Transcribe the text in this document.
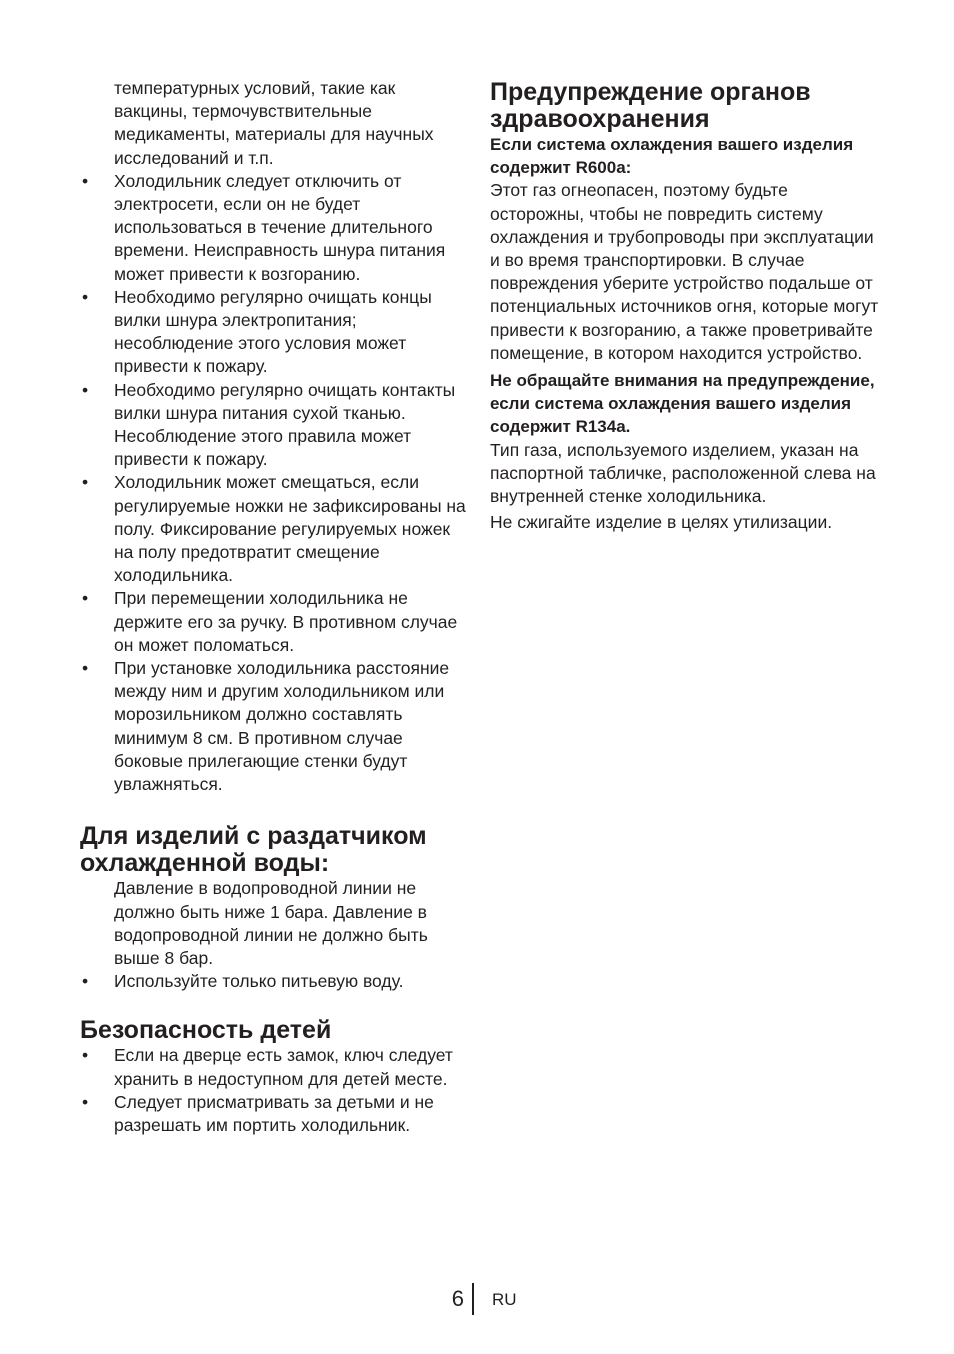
температурных условий, такие как вакцины, термочувствительные медикаменты, материалы для научных исследований и т.п.

• Холодильник следует отключить от электросети, если он не будет использоваться в течение длительного времени. Неисправность шнура питания может привести к возгоранию.
• Необходимо регулярно очищать концы вилки шнура электропитания; несоблюдение этого условия может привести к пожару.
• Необходимо регулярно очищать контакты вилки шнура питания сухой тканью. Несоблюдение этого правила может привести к пожару.
• Холодильник может смещаться, если регулируемые ножки не зафиксированы на полу. Фиксирование регулируемых ножек на полу предотвратит смещение холодильника.
• При перемещении холодильника не держите его за ручку. В противном случае он может поломаться.
• При установке холодильника расстояние между ним и другим холодильником или морозильником должно составлять минимум 8 см. В противном случае боковые прилегающие стенки будут увлажняться.
Для изделий с раздатчиком охлажденной воды:

Давление в водопроводной линии не должно быть ниже 1 бара. Давление в водопроводной линии не должно быть выше 8 бар.

• Используйте только питьевую воду.
Безопасность детей
• Если на дверце есть замок, ключ следует хранить в недоступном для детей месте.
• Следует присматривать за детьми и не разрешать им портить холодильник.
Предупреждение органов здравоохранения

Если система охлаждения вашего изделия содержит R600a:

Этот газ огнеопасен, поэтому будьте осторожны, чтобы не повредить систему охлаждения и трубопроводы при эксплуатации и во время транспортировки. В случае повреждения уберите устройство подальше от потенциальных источников огня, которые могут привести к возгоранию, а также проветривайте помещение, в котором находится устройство.

Не обращайте внимания на предупреждение, если система охлаждения вашего изделия содержит R134a.

Тип газа, используемого изделием, указан на паспортной табличке, расположенной слева на внутренней стенке холодильника.

Не сжигайте изделие в целях утилизации.

6 RU
